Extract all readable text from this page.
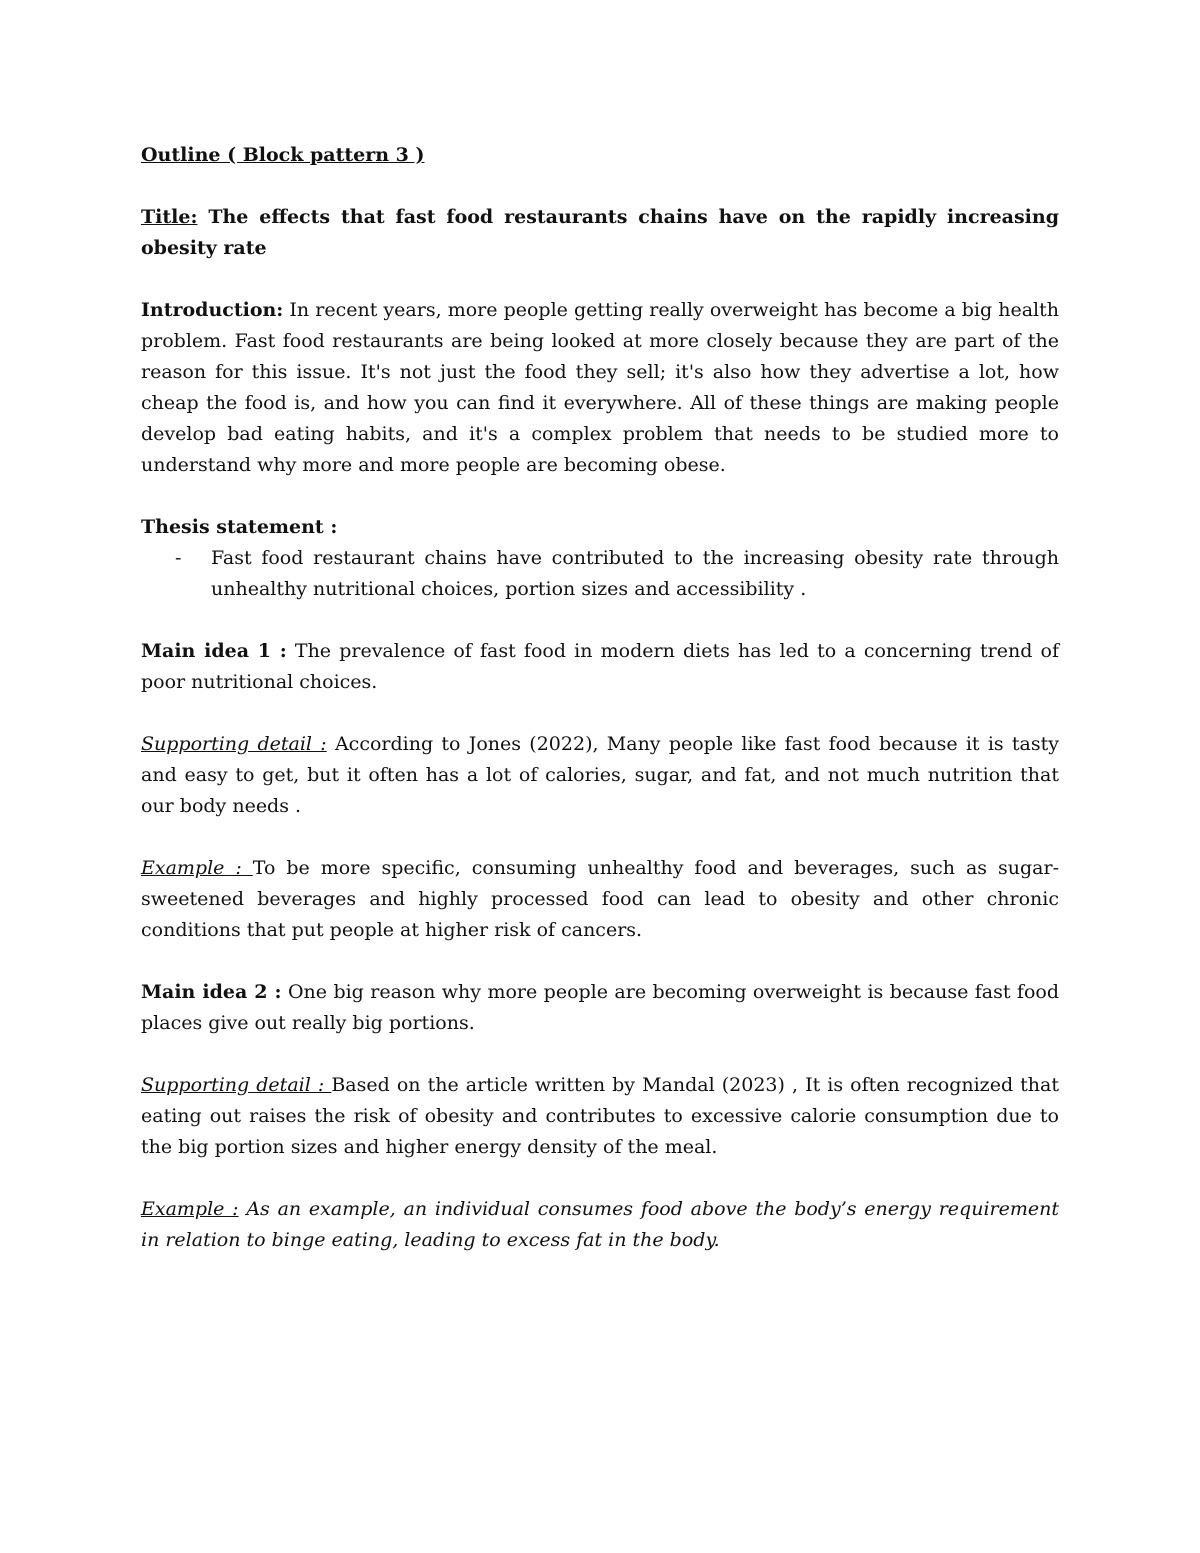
Outline ( Block pattern 3 )

Title: The effects that fast food restaurants chains have on the rapidly increasing obesity rate

Introduction: In recent years, more people getting really overweight has become a big health problem. Fast food restaurants are being looked at more closely because they are part of the reason for this issue. It's not just the food they sell; it's also how they advertise a lot, how cheap the food is, and how you can find it everywhere. All of these things are making people develop bad eating habits, and it's a complex problem that needs to be studied more to understand why more and more people are becoming obese.

Thesis statement :

-	Fast food restaurant chains have contributed to the increasing obesity rate through unhealthy nutritional choices, portion sizes and accessibility .

Main idea 1 : The prevalence of fast food in modern diets has led to a concerning trend of poor nutritional choices.

Supporting detail : According to Jones (2022), Many people like fast food because it is tasty and easy to get, but it often has a lot of calories, sugar, and fat, and not much nutrition that our body needs .

Example : To be more specific, consuming unhealthy food and beverages, such as sugar-sweetened beverages and highly processed food can lead to obesity and other chronic conditions that put people at higher risk of cancers.

Main idea 2 : One big reason why more people are becoming overweight is because fast food places give out really big portions.

Supporting detail : Based on the article written by Mandal (2023) , It is often recognized that eating out raises the risk of obesity and contributes to excessive calorie consumption due to the big portion sizes and higher energy density of the meal.

Example : As an example, an individual consumes food above the body’s energy requirement in relation to binge eating, leading to excess fat in the body.
